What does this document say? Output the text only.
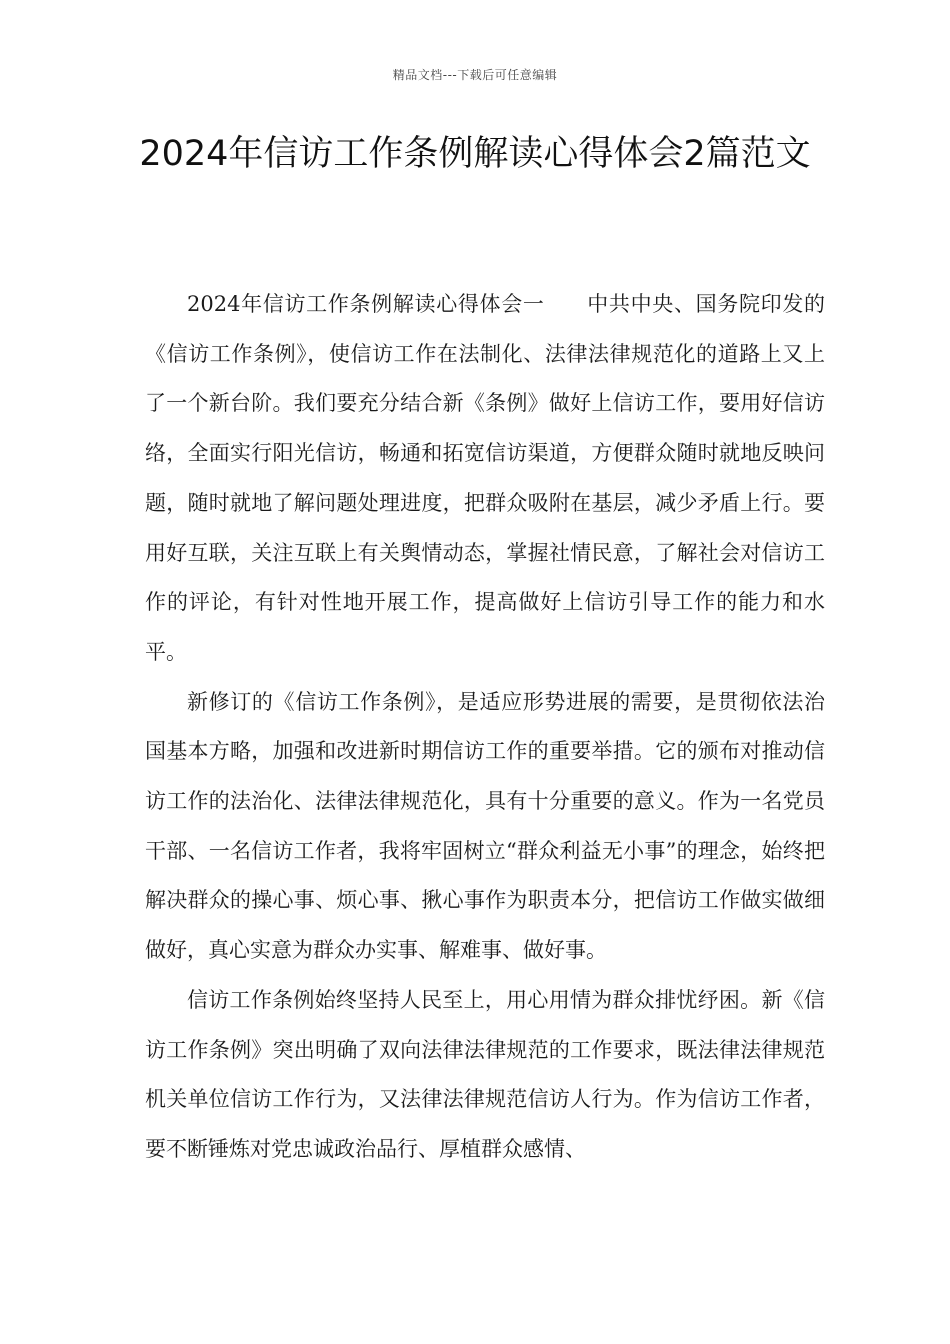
精品文档---下载后可任意编辑
2024年信访工作条例解读心得体会2篇范文

2024年信访工作条例解读心得体会一 中共中央、国务院印发的《信访工作条例》，使信访工作在法制化、法律法律规范化的道路上又上了一个新台阶。我们要充分结合新《条例》做好上信访工作，要用好信访络，全面实行阳光信访，畅通和拓宽信访渠道，方便群众随时就地反映问题，随时就地了解问题处理进度，把群众吸附在基层，减少矛盾上行。要用好互联，关注互联上有关舆情动态，掌握社情民意，了解社会对信访工作的评论，有针对性地开展工作，提高做好上信访引导工作的能力和水平。

新修订的《信访工作条例》，是适应形势进展的需要，是贯彻依法治国基本方略，加强和改进新时期信访工作的重要举措。它的颁布对推动信访工作的法治化、法律法律规范化，具有十分重要的意义。作为一名党员干部、一名信访工作者，我将牢固树立“群众利益无小事”的理念，始终把解决群众的操心事、烦心事、揪心事作为职责本分，把信访工作做实做细做好，真心实意为群众办实事、解难事、做好事。

信访工作条例始终坚持人民至上，用心用情为群众排忧纾困。新《信访工作条例》突出明确了双向法律法律规范的工作要求，既法律法律规范机关单位信访工作行为，又法律法律规范信访人行为。作为信访工作者，要不断锤炼对党忠诚政治品行、厚植群众感情、
